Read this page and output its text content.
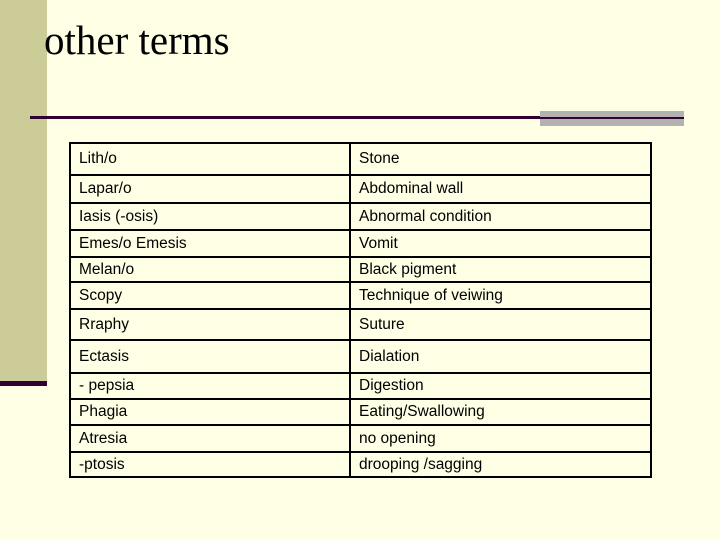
other terms
Lith/o	Stone
Lapar/o	Abdominal wall
Iasis (-osis)	Abnormal condition
Emes/o Emesis	Vomit
Melan/o	Black pigment
Scopy	Technique of veiwing
Rraphy	Suture
Ectasis	Dialation
- pepsia	Digestion
Phagia	Eating/Swallowing
Atresia	no opening
-ptosis	drooping /sagging
